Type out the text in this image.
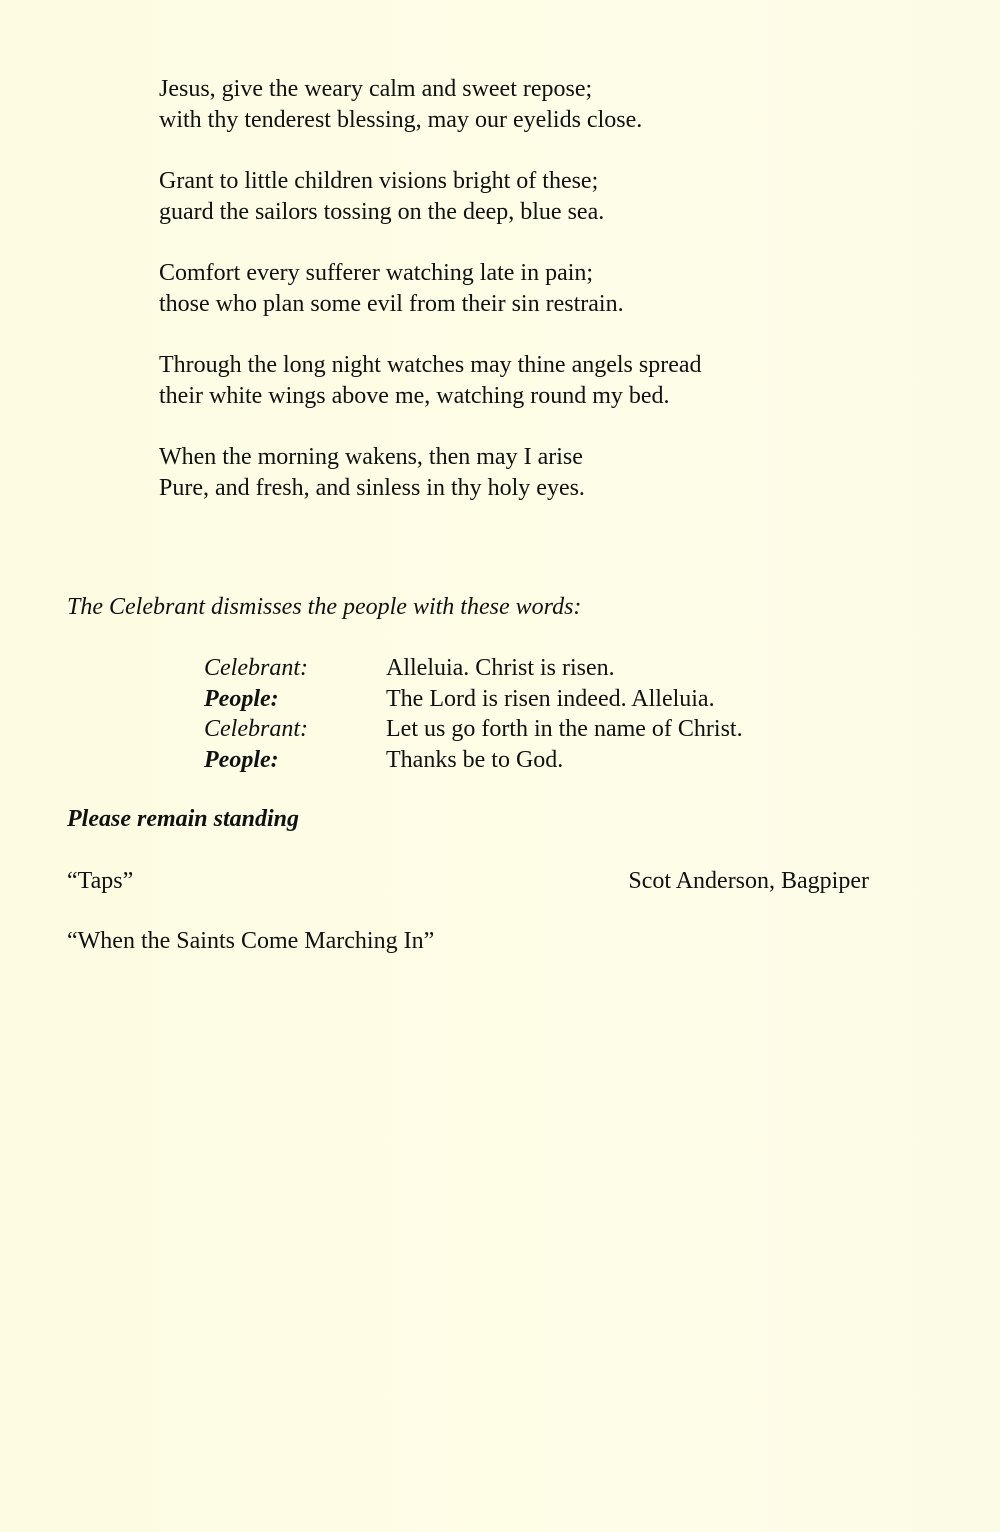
Jesus, give the weary calm and sweet repose;
with thy tenderest blessing, may our eyelids close.
Grant to little children visions bright of these;
guard the sailors tossing on the deep, blue sea.
Comfort every sufferer watching late in pain;
those who plan some evil from their sin restrain.
Through the long night watches may thine angels spread
their white wings above me, watching round my bed.
When the morning wakens, then may I arise
Pure, and fresh, and sinless in thy holy eyes.
The Celebrant dismisses the people with these words:
Celebrant:	Alleluia. Christ is risen.
People:	The Lord is risen indeed. Alleluia.
Celebrant:	Let us go forth in the name of Christ.
People:	Thanks be to God.
Please remain standing
“Taps”	Scot Anderson, Bagpiper
“When the Saints Come Marching In”
